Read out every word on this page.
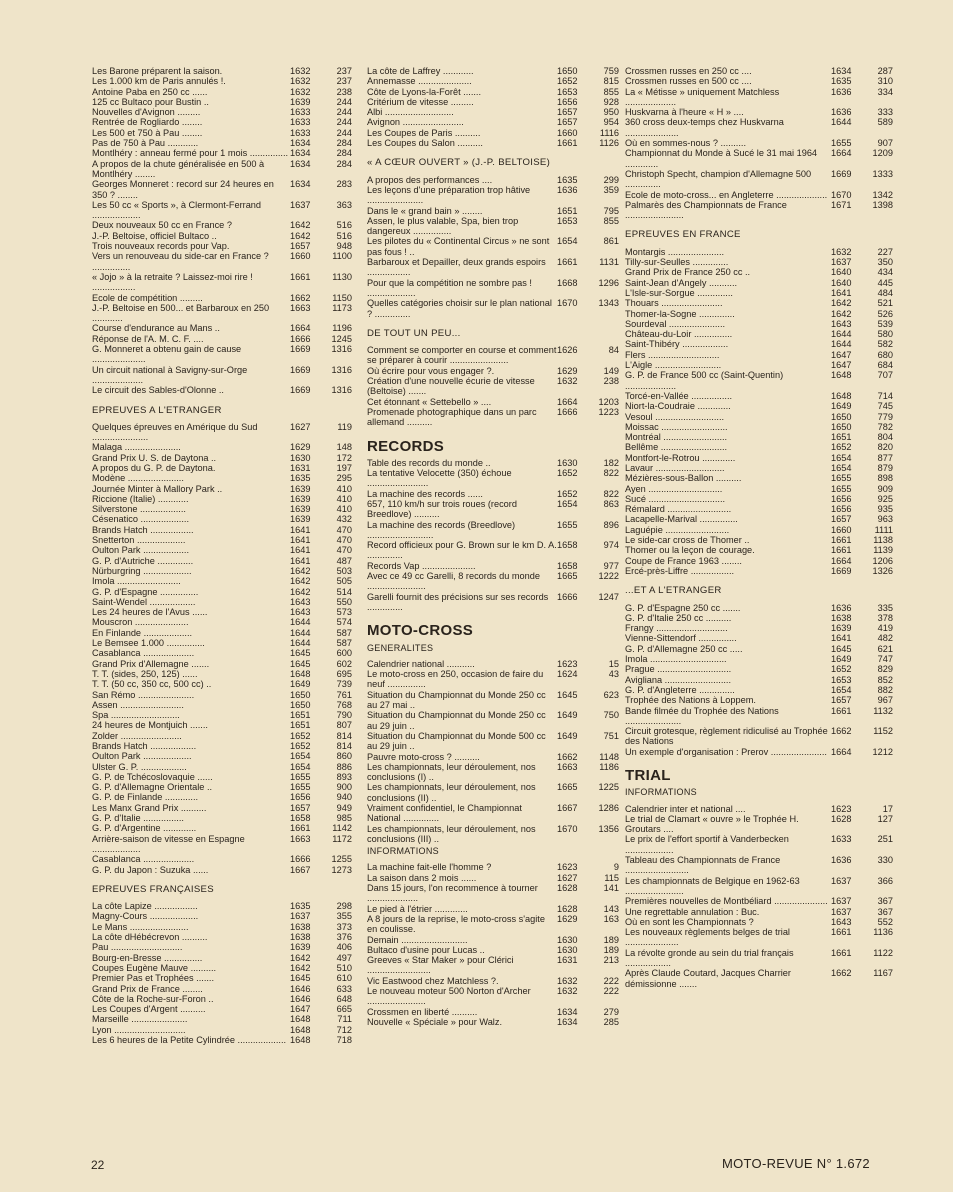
Les Barone préparent la saison.	1632	237
Les 1.000 km de Paris annulés !.	1632	237
Antoine Paba en 250 cc ......	1632	238
125 cc Bultaco pour Bustin ..	1639	244
Nouvelles d'Avignon .........	1633	244
Rentrée de Rogliardo ........	1633	244
Les 500 et 750 à Pau ........	1633	244
Pas de 750 à Pau ............	1634	284
Montlhéry : anneau fermé pour 1 mois ............... 1634	284
A propos de la chute généralisée en 500 à Montlhéry ........
1634	284
Georges Monneret : record sur 24 heures en 350 ? ........
1634	283
Les 50 cc « Sports », à Clermont-Ferrand ...................
1637	363
Deux nouveaux 50 cc en France ?	1642	516
J.-P. Beltoise, officiel Bultaco ..	1642	516
Trois nouveaux records pour Vap.	1657	948
Vers un renouveau du side-car en France ? ...............
1660	1100
« Jojo » à la retraite ? Laissez-moi rire ! .................
1661	1130
Ecole de compétition .........	1662	1150
J.-P. Beltoise en 500... et Barbaroux en 250 ............
1663	1173
Course d'endurance au Mans ..	1664	1196
Réponse de l'A. M. C. F. ....	1666	1245
G. Monneret a obtenu gain de cause .....................
1669	1316
Un circuit national à Savigny-sur-Orge ....................
1669	1316
Le circuit des Sables-d'Olonne ..	1669	1316
EPREUVES A L'ETRANGER
Quelques épreuves en Amérique du Sud ......................
1627	119
Malaga ......................	1629	148
Grand Prix U. S. de Daytona ..	1630	172
A propos du G. P. de Daytona.	1631	197
Modène ......................	1635	295
Journée Minter à Mallory Park ..	1639	410
Riccione (Italie) ............	1639	410
Silverstone ..................	1639	410
Césenatico ...................	1639	432
Brands Hatch .................	1641	470
Snetterton ...................	1641	470
Oulton Park ..................	1641	470
G. P. d'Autriche ..............	1641	487
Nürburgring ...................	1642	503
Imola .........................	1642	505
G. P. d'Espagne ...............	1642	514
Saint-Wendel ..................	1643	550
Les 24 heures de l'Avus ......	1643	573
Mouscron .....................	1644	574
En Finlande ...................	1644	587
Le Bemsee 1.000 ...............	1644	587
Casablanca ....................	1645	600
Grand Prix d'Allemagne .......	1645	602
T. T. (sides, 250, 125) ......	1648	695
T. T. (50 cc, 350 cc, 500 cc) ..	1649	739
San Rémo ......................	1650	761
Assen .........................	1650	768
Spa ...........................	1651	790
24 heures de Montjuich .......	1651	807
Zolder ........................	1652	814
Brands Hatch ..................	1652	814
Oulton Park ...................	1654	860
Ulster G. P. ..................	1654	886
G. P. de Tchécoslovaquie ......	1655	893
G. P. d'Allemagne Orientale ..	1655	900
G. P. de Finlande .............	1656	940
Les Manx Grand Prix ..........	1657	949
G. P. d'Italie ................	1658	985
G. P. d'Argentine .............	1661	1142
Arrière-saison de vitesse en Espagne ...................
1663	1172
Casablanca ....................	1666	1255
G. P. du Japon : Suzuka ......	1667	1273
EPREUVES FRANÇAISES
La côte Lapize .................	1635	298
Magny-Cours ...................	1637	355
Le Mans .......................	1638	373
La côte dHébécrevon ..........	1638	376
Pau ............................	1639	406
Bourg-en-Bresse ...............	1642	497
Coupes Eugène Mauve ..........	1642	510
Premier Pas et Trophées .......	1645	610
Grand Prix de France ........	1646	633
Côte de la Roche-sur-Foron ..	1646	648
Les Coupes d'Argent ..........	1647	665
Marseille ......................	1648	711
Lyon ............................	1648	712
Les 6 heures de la Petite Cylindrée ................... 1648	718
La côte de Laffrey ............	1650	759
Annemasse .....................	1652	815
Côte de Lyons-la-Forêt .......	1653	855
Critérium de vitesse .........	1656	928
Albi ...........................	1657	950
Avignon ........................	1657	954
Les Coupes de Paris ..........	1660	1116
Les Coupes du Salon ..........	1661	1126
« A CŒUR OUVERT » (J.-P. BELTOISE)
A propos des performances ....	1635	299
Les leçons d'une préparation trop hâtive ......................
1636	359
Dans le « grand bain » ........	1651	795
Assen, le plus valable, Spa, bien trop dangereux ...............
1653	855
Les pilotes du « Continental Circus » ne sont pas fous ! ..
1654	861
Barbaroux et Depailler, deux grands espoirs .................
1661	1131
Pour que la compétition ne sombre pas ! ...................
1668	1296
Quelles catégories choisir sur le plan national ? ..............
1670	1343
DE TOUT UN PEU...
Comment se comporter en course et comment se préparer à courir .......................
1626	84
Où écrire pour vous engager ?.	1629	149
Création d'une nouvelle écurie de vitesse (Beltoise) .......
1632	238
Cet étonnant « Settebello » ....	1664	1203
Promenade photographique dans un parc allemand ..........
1666	1223
RECORDS
Table des records du monde ..	1630	182
La tentative Velocette (350) échoue ........................
1652	822
La machine des records ......	1652	822
657, 110 km/h sur trois roues (record Breedlove) ..........
1654	863
La machine des records (Breedlove) ..........................
1655	896
Record officieux pour G. Brown sur le km D. A. ..............
1658	974
Records Vap .....................	1658	977
Avec ce 49 cc Garelli, 8 records du monde .......................
1665	1222
Garelli fournit des précisions sur ses records ..............
1666	1247
MOTO-CROSS
GENERALITES
Calendrier national ...........	1623	15
Le moto-cross en 250, occasion de faire du neuf ...............
1624	43
Situation du Championnat du Monde 250 cc au 27 mai ..
1645	623
Situation du Championnat du Monde 250 cc au 29 juin ..
1649	750
Situation du Championnat du Monde 500 cc au 29 juin ..
1649	751
Pauvre moto-cross ? ..........	1662	1148
Les championnats, leur déroulement, nos conclusions (I) ..
1663	1186
Les championnats, leur déroulement, nos conclusions (II) ..
1665	1225
Vraiment confidentiel, le Championnat National ..............
1667	1286
Les championnats, leur déroulement, nos conclusions (III) ..
1670	1356
INFORMATIONS
La machine fait-elle l'homme ?	1623	9
La saison dans 2 mois ......	1627	115
Dans 15 jours, l'on recommence à tourner ....................
1628	141
Le pied à l'étrier .............	1628	143
A 8 jours de la reprise, le moto-cross s'agite en coulisse.
1629	163
Demain ..........................	1630	189
Bultaco d'usine pour Lucas ..	1630	189
Greeves « Star Maker » pour Clérici .........................
1631	213
Vic Eastwood chez Matchless ?.	1632	222
Le nouveau moteur 500 Norton d'Archer .......................
1632	222
Crossmen en liberté ..........	1634	279
Nouvelle « Spéciale » pour Walz.	1634	285
Crossmen russes en 250 cc ....	1634	287
Crossmen russes en 500 cc ....	1635	310
La « Métisse » uniquement Matchless ....................
1636	334
Huskvarna à l'heure « H » ....	1636	333
360 cross deux-temps chez Huskvarna .....................
1644	589
Où en sommes-nous ? ..........	1655	907
Championnat du Monde à Sucé le 31 mai 1964 .............
1664	1209
Christoph Specht, champion d'Allemagne 500 ..............
1669	1333
Ecole de moto-cross... en Angleterre .................... 1670	1342
Palmarès des Championnats de France .......................
1671	1398
EPREUVES EN FRANCE
Montargis ......................	1632	227
Tilly-sur-Seulles ..............	1637	350
Grand Prix de France 250 cc ..	1640	434
Saint-Jean d'Angely ...........	1640	445
L'Isle-sur-Sorgue ..............	1641	484
Thouars ........................	1642	521
Thomer-la-Sogne ..............	1642	526
Sourdeval ......................	1643	539
Château-du-Loir ...............	1644	580
Saint-Thibéry ..................	1644	582
Flers ............................	1647	680
L'Aigle ..........................	1647	684
G. P. de France 500 cc (Saint-Quentin) ....................
1648	707
Torcé-en-Vallée ................	1648	714
Niort-la-Coudraie .............	1649	745
Vesoul ...........................	1650	779
Moissac ..........................	1650	782
Montréal .........................	1651	804
Bellême ..........................	1652	820
Montfort-le-Rotrou .............	1654	877
Lavaur ...........................	1654	879
Mézières-sous-Ballon ..........	1655	898
Ayen .............................	1655	909
Sucé ..............................	1656	925
Rémalard .........................	1656	935
Lacapelle-Marival ...............	1657	963
Laguépie .........................	1660	1111
Le side-car cross de Thomer ..	1661	1138
Thomer ou la leçon de courage.	1661	1139
Coupe de France 1963 ........	1664	1206
Ercé-près-Liffre .................	1669	1326
...ET A L'ETRANGER
G. P. d'Espagne 250 cc .......	1636	335
G. P. d'Italie 250 cc ..........	1638	378
Frangy ............................	1639	419
Vienne-Sittendorf ...............	1641	482
G. P. d'Allemagne 250 cc .....	1645	621
Imola ..............................	1649	747
Prague .............................	1652	829
Avigliana ..........................	1653	852
G. P. d'Angleterre ..............	1654	882
Trophée des Nations à Loppem.	1657	967
Bande filmée du Trophée des Nations ......................
1661	1132
Circuit grotesque, règlement ridiculisé au Trophée des Nations
1662	1152
Un exemple d'organisation : Prerov ...................... 1664	1212
TRIAL
INFORMATIONS
Calendrier inter et national ....	1623	17
Le trial de Clamart « ouvre » le Trophée H. Groutars ....
1628	127
Le prix de l'effort sportif à Vanderbecken ...................
1633	251
Tableau des Championnats de France .........................
1636	330
Les championnats de Belgique en 1962-63 .......................
1637	366
Premières nouvelles de Montbéliard ..................... 1637	367
Une regrettable annulation : Buc.	1637	367
Où en sont les Championnats ?	1643	552
Les nouveaux règlements belges de trial .....................
1661	1136
La révolte gronde au sein du trial français ..................
1661	1122
Après Claude Coutard, Jacques Charrier démissionne .......
1662	1167
22	MOTO-REVUE N° 1.672
